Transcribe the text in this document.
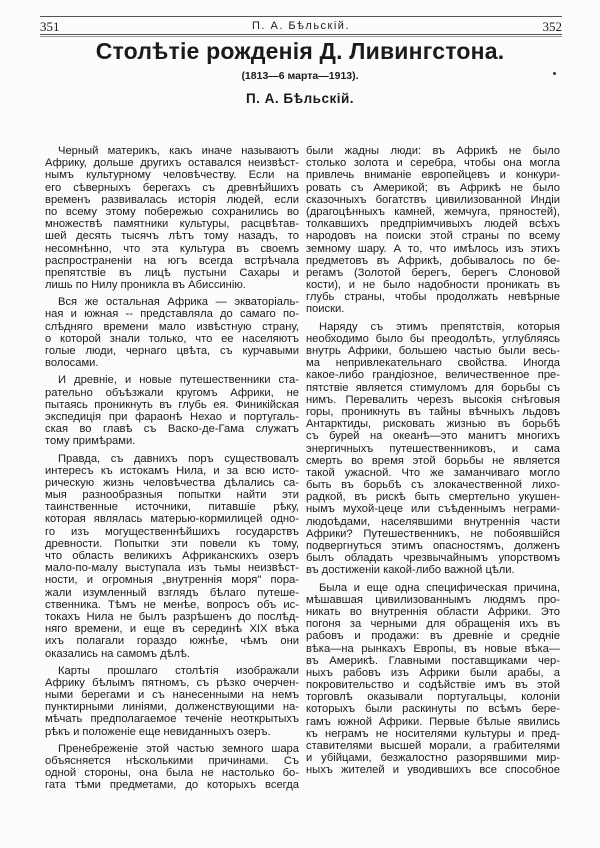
351	П. А. Бѣльскій.	352
Столѣтіе рожденія Д. Ливингстона.
(1813—6 марта—1913).
П. А. Бѣльскій.
Черный материкъ, какъ иначе называютъ
Африку, дольше другихъ оставался неизвѣст-
нымъ культурному человѣчеству. Если на
его сѣверныхъ берегахъ съ древнѣйшихъ
временъ развивалась исторія людей, если
по всему этому побережью сохранились во
множествѣ памятники культуры, расцвѣтав-
шей десять тысячъ лѣтъ тому назадъ, то
несомнѣнно, что эта культура въ своемъ
распространеніи на югъ всегда встрѣчала
препятствіе въ лицѣ пустыни Сахары и
лишь по Нилу проникла въ Абиссинію.
Вся же остальная Африка — экваторіаль-
ная и южная -- представляла до самаго по-
слѣдняго времени мало извѣстную страну,
о которой знали только, что ее населяютъ
голые люди, чернаго цвѣта, съ курчавыми
волосами.
И древніе, и новые путешественники ста-
рательно объѣзжали кругомъ Африки, не
пытаясь проникнуть въ глубь ея. Финикійская
экспедиція при фараонѣ Нехао и португаль-
ская во главѣ съ Васко-де-Гама служатъ
тому примѣрами.
Правда, съ давнихъ поръ существовалъ
интересъ къ истокамъ Нила, и за всю исто-
рическую жизнь человѣчества дѣлались са-
мыя разнообразныя попытки найти эти
таинственные источники, питавшіе рѣку,
которая являлась матерью-кормилицей одно-
го изъ могущественнѣйшихъ государствъ
древности. Попытки эти повели къ тому,
что область великихъ Африканскихъ озеръ
мало-по-малу выступала изъ тьмы неизвѣст-
ности, и огромныя „внутреннія моря" пора-
жали изумленный взглядъ бѣлаго путеше-
ственника. Тѣмъ не менѣе, вопросъ объ ис-
токахъ Нила не былъ разрѣшенъ до послѣд-
няго времени, и еще въ серединѣ XIX вѣка
ихъ полагали гораздо южнѣе, чѣмъ они
оказались на самомъ дѣлѣ.
Карты прошлаго столѣтія изображали
Африку бѣлымъ пятномъ, съ рѣзко очерчен-
ными берегами и съ нанесенными на немъ
пунктирными линіями, долженствующими на-
мѣчать предполагаемое теченіе неоткрытыхъ
рѣкъ и положеніе еще невиданныхъ озеръ.
Пренебреженіе этой частью земного шара
объясняется нѣсколькими причинами. Съ
одной стороны, она была не настолько бо-
гата тѣми предметами, до которыхъ всегда
были жадны люди: въ Африкѣ не было
столько золота и серебра, чтобы она могла
привлечь вниманіе европейцевъ и конкури-
ровать съ Америкой; въ Африкѣ не было
сказочныхъ богатствъ цивилизованной Индіи
(драгоцѣнныхъ камней, жемчуга, пряностей),
толкавшихъ предпріимчивыхъ людей всѣхъ
народовъ на поиски этой страны по всему
земному шару. А то, что имѣлось изъ этихъ
предметовъ въ Африкѣ, добывалось по бе-
регамъ (Золотой берегъ, берегъ Слоновой
кости), и не было надобности проникать въ
глубь страны, чтобы продолжать невѣрные
поиски.
Наряду съ этимъ препятствія, которыя
необходимо было бы преодолѣть, углубляясь
внутрь Африки, большею частью были весь-
ма непривлекательнаго свойства. Иногда
какое-либо грандіозное, величественное пре-
пятствіе является стимуломъ для борьбы съ
нимъ. Перевалить черезъ высокія снѣговыя
горы, проникнуть въ тайны вѣчныхъ льдовъ
Антарктиды, рисковать жизнью въ борьбѣ
съ бурей на океанѣ—это манитъ многихъ
энергичныхъ путешественниковъ, и сама
смерть во время этой борьбы не является
такой ужасной. Что же заманчиваго могло
быть въ борьбѣ съ злокачественной лихо-
радкой, въ рискѣ быть смертельно укушен-
нымъ мухой-цеце или съѣденнымъ неграми-
людоѣдами, населявшими внутреннія части
Африки? Путешественникъ, не побоявшійся
подвергнуться этимъ опасностямъ, долженъ
былъ обладать чрезвычайнымъ упорствомъ
въ достиженіи какой-либо важной цѣли.
Была и еще одна специфическая причина,
мѣшавшая цивилизованнымъ людямъ про-
никать во внутреннія области Африки. Это
погоня за черными для обращенія ихъ въ
рабовъ и продажи: въ древніе и средніе
вѣка—на рынкахъ Европы, въ новые вѣка—
въ Америкѣ. Главными поставщиками чер-
ныхъ рабовъ изъ Африки были арабы, а
покровительство и содѣйствіе имъ въ этой
торговлѣ оказывали португальцы, колоніи
которыхъ были раскинуты по всѣмъ бере-
гамъ южной Африки. Первые бѣлые явились
къ неграмъ не носителями культуры и пред-
ставителями высшей морали, а грабителями
и убійцами, безжалостно разорявшими мир-
ныхъ жителей и уводившихъ все способное
